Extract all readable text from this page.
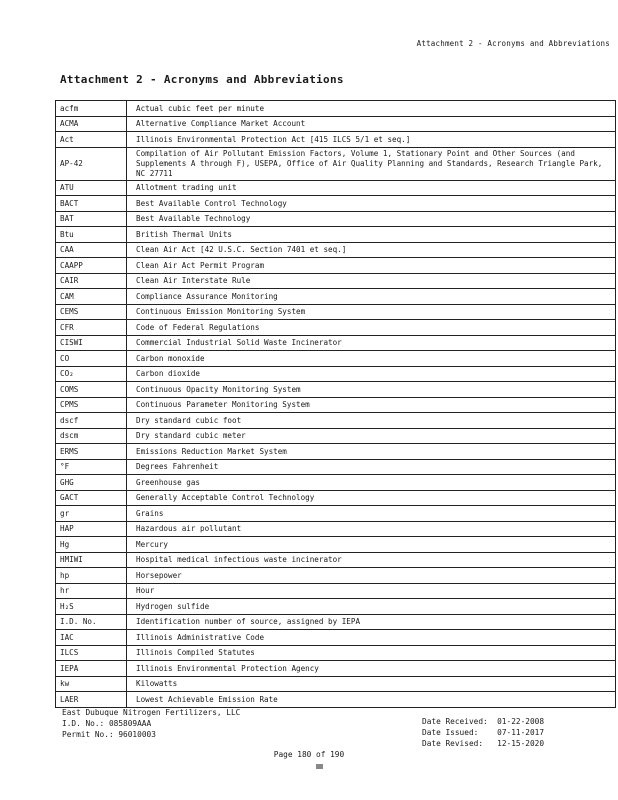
Attachment 2 - Acronyms and Abbreviations
Attachment 2 - Acronyms and Abbreviations
acfm	Actual cubic feet per minute
ACMA	Alternative Compliance Market Account
Act	Illinois Environmental Protection Act [415 ILCS 5/1 et seq.]
AP-42	Compilation of Air Pollutant Emission Factors, Volume 1, Stationary Point and Other Sources (and Supplements A through F), USEPA, Office of Air Quality Planning and Standards, Research Triangle Park, NC 27711
ATU	Allotment trading unit
BACT	Best Available Control Technology
BAT	Best Available Technology
Btu	British Thermal Units
CAA	Clean Air Act [42 U.S.C. Section 7401 et seq.]
CAAPP	Clean Air Act Permit Program
CAIR	Clean Air Interstate Rule
CAM	Compliance Assurance Monitoring
CEMS	Continuous Emission Monitoring System
CFR	Code of Federal Regulations
CISWI	Commercial Industrial Solid Waste Incinerator
CO	Carbon monoxide
CO₂	Carbon dioxide
COMS	Continuous Opacity Monitoring System
CPMS	Continuous Parameter Monitoring System
dscf	Dry standard cubic foot
dscm	Dry standard cubic meter
ERMS	Emissions Reduction Market System
°F	Degrees Fahrenheit
GHG	Greenhouse gas
GACT	Generally Acceptable Control Technology
gr	Grains
HAP	Hazardous air pollutant
Hg	Mercury
HMIWI	Hospital medical infectious waste incinerator
hp	Horsepower
hr	Hour
H₂S	Hydrogen sulfide
I.D. No.	Identification number of source, assigned by IEPA
IAC	Illinois Administrative Code
ILCS	Illinois Compiled Statutes
IEPA	Illinois Environmental Protection Agency
kw	Kilowatts
LAER	Lowest Achievable Emission Rate
East Dubuque Nitrogen Fertilizers, LLC
I.D. No.: 085809AAA
Permit No.: 96010003
Date Received: 01-22-2008
Date Issued: 07-11-2017
Date Revised: 12-15-2020
Page 180 of 190
